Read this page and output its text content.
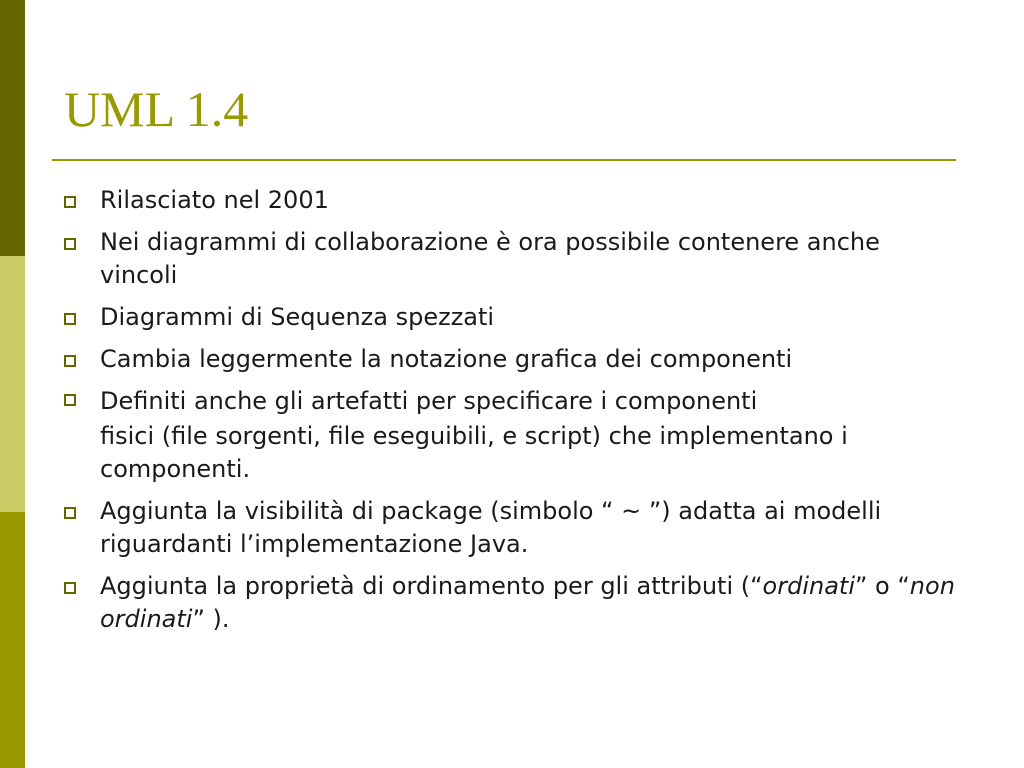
UML 1.4
Rilasciato nel 2001
Nei diagrammi di collaborazione è ora possibile contenere anche vincoli
Diagrammi di Sequenza spezzati
Cambia leggermente la notazione grafica dei componenti
Definiti anche gli artefatti per specificare i componenti
fisici (file sorgenti, file eseguibili, e script) che implementano i componenti.
Aggiunta la visibilità di package (simbolo “ ~ ”) adatta ai modelli riguardanti l’implementazione Java.
Aggiunta la proprietà di ordinamento per gli attributi (“ordinati” o “non ordinati” ).
